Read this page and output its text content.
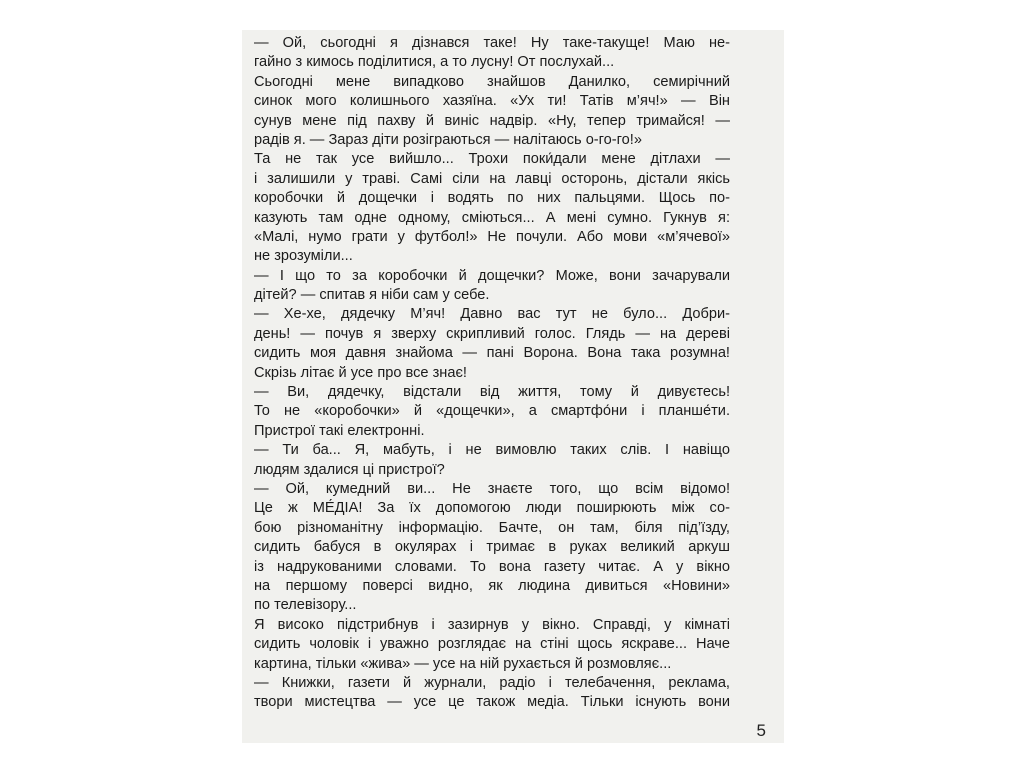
— Ой, сьогодні я дізнався таке! Ну таке-такуще! Маю не-
гайно з кимось поділитися, а то лусну! От послухай...
Сьогодні мене випадково знайшов Данилко, семирічний
синок мого колишнього хазяїна. «Ух ти! Татів м’яч!» — Він
сунув мене під пахву й виніс надвір. «Ну, тепер тримайся! —
радів я. — Зараз діти розіграються — налітаюсь о-го-го!»
Та не так усе вийшло... Трохи поки́дали мене дітлахи —
і залишили у траві. Самі сіли на лавці осторонь, дістали якісь
коробочки й дощечки і водять по них пальцями. Щось по-
казують там одне одному, сміються... А мені сумно. Гукнув я:
«Малі, нумо грати у футбол!» Не почули. Або мови «м’ячевої»
не зрозуміли...
— І що то за коробочки й дощечки? Може, вони зачарували
дітей? — спитав я ніби сам у себе.
— Хе-хе, дядечку М’яч! Давно вас тут не було... Добри-
день! — почув я зверху скрипливий голос. Глядь — на дереві
сидить моя давня знайома — пані Ворона. Вона така розумна!
Скрізь літає й усе про все знає!
— Ви, дядечку, відстали від життя, тому й дивуєтесь!
То не «коробочки» й «дощечки», а смартфо́ни і планше́ти.
Пристрої такі електронні.
— Ти ба... Я, мабуть, і не вимовлю таких слів. І навіщо
людям здалися ці пристрої?
— Ой, кумедний ви... Не знаєте того, що всім відомо!
Це ж МЕ́ДІА! За їх допомогою люди поширюють між со-
бою різноманітну інформацію. Бачте, он там, біля під’їзду,
сидить бабуся в окулярах і тримає в руках великий аркуш
із надрукованими словами. То вона газету читає. А у вікно
на першому поверсі видно, як людина дивиться «Новини»
по телевізору...
Я високо підстрибнув і зазирнув у вікно. Справді, у кімнаті
сидить чоловік і уважно розглядає на стіні щось яскраве... Наче
картина, тільки «жива» — усе на ній рухається й розмовляє...
— Книжки, газети й журнали, радіо і телебачення, реклама,
твори мистецтва — усе це також медіа. Тільки існують вони
5
